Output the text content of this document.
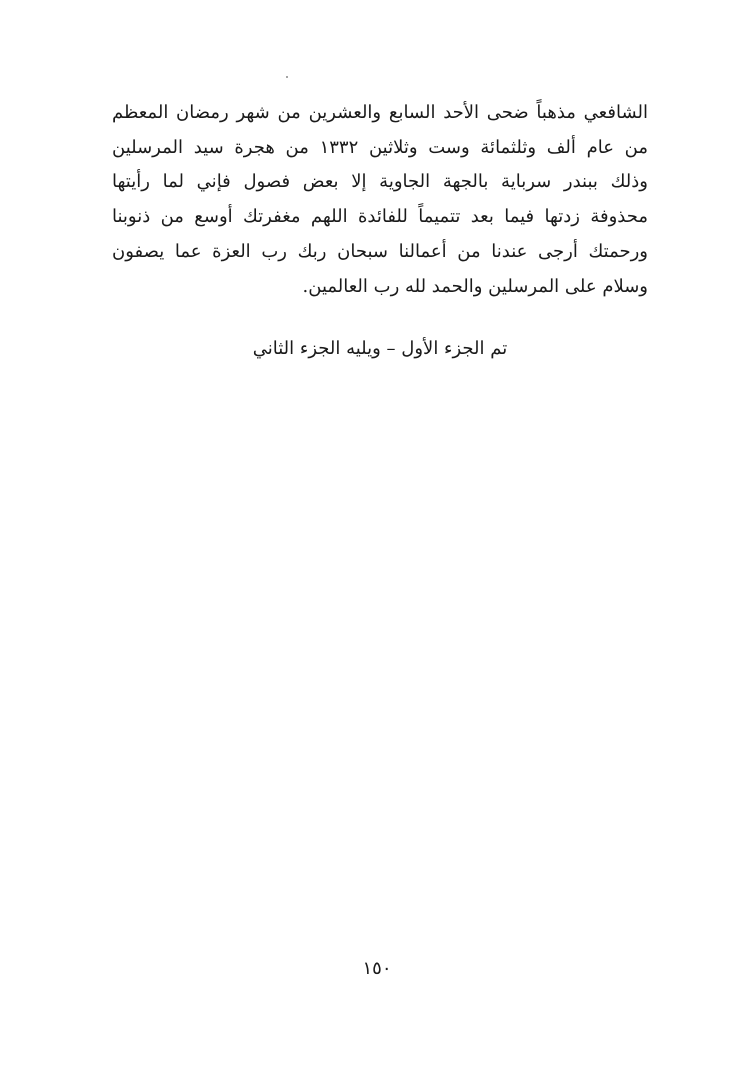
الشافعي مذهباً ضحى الأحد السابع والعشرين من شهر رمضان المعظم
من عام ألف وثلثمائة وست وثلاثين ١٣٣٢ من هجرة سيد المرسلين
وذلك ببندر سرباية بالجهة الجاوية إلا بعض فصول فإني لما رأيتها
محذوفة زدتها فيما بعد تتميماً للفائدة اللهم مغفرتك أوسع من ذنوبنا
ورحمتك أرجى عندنا من أعمالنا سبحان ربك رب العزة عما يصفون
وسلام على المرسلين والحمد لله رب العالمين.
تم الجزء الأول – ويليه الجزء الثاني
١٥٠
